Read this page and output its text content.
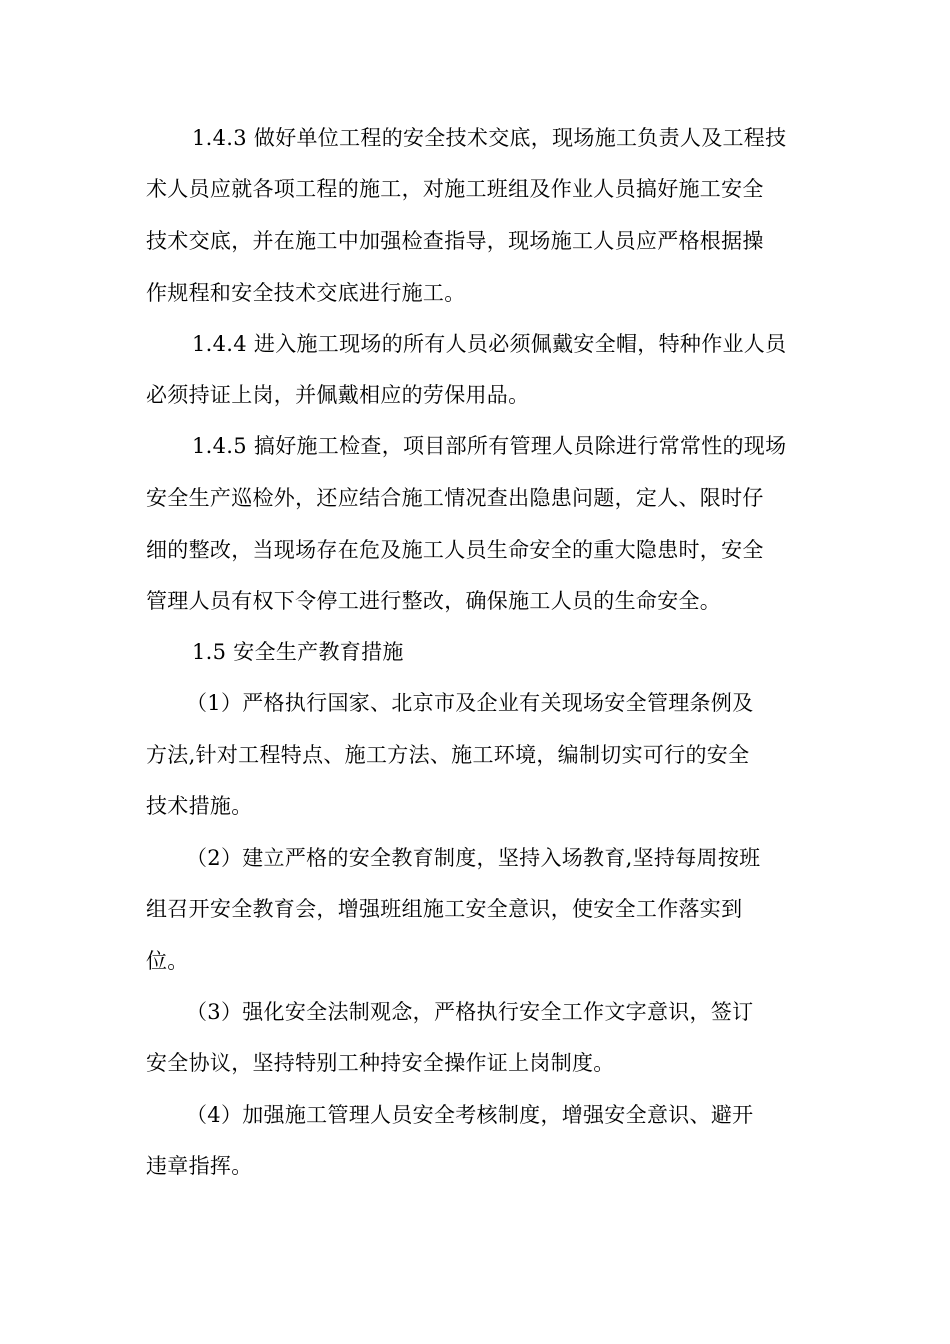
1.4.3 做好单位工程的安全技术交底，现场施工负责人及工程技
术人员应就各项工程的施工，对施工班组及作业人员搞好施工安全
技术交底，并在施工中加强检查指导，现场施工人员应严格根据操
作规程和安全技术交底进行施工。
1.4.4 进入施工现场的所有人员必须佩戴安全帽，特种作业人员
必须持证上岗，并佩戴相应的劳保用品。
1.4.5 搞好施工检查，项目部所有管理人员除进行常常性的现场
安全生产巡检外，还应结合施工情况查出隐患问题，定人、限时仔
细的整改，当现场存在危及施工人员生命安全的重大隐患时，安全
管理人员有权下令停工进行整改，确保施工人员的生命安全。
1.5 安全生产教育措施
（1）严格执行国家、北京市及企业有关现场安全管理条例及
方法,针对工程特点、施工方法、施工环境，编制切实可行的安全
技术措施。
（2）建立严格的安全教育制度，坚持入场教育,坚持每周按班
组召开安全教育会，增强班组施工安全意识，使安全工作落实到
位。
（3）强化安全法制观念，严格执行安全工作文字意识，签订
安全协议，坚持特别工种持安全操作证上岗制度。
（4）加强施工管理人员安全考核制度，增强安全意识、避开
违章指挥。
